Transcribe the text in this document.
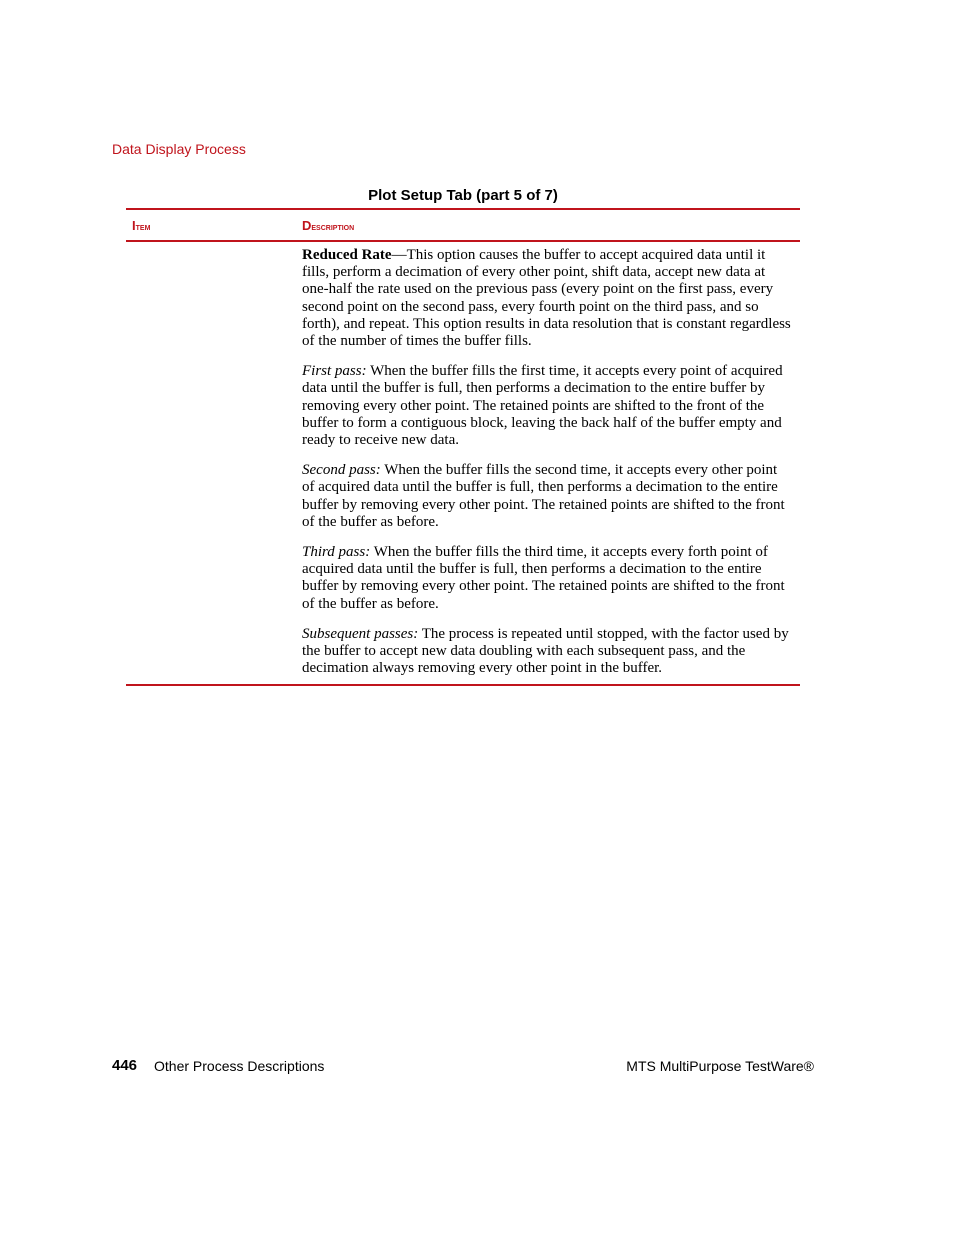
Data Display Process
Plot Setup Tab (part 5 of 7)
Item	Description

Reduced Rate—This option causes the buffer to accept acquired data until it fills, perform a decimation of every other point, shift data, accept new data at one-half the rate used on the previous pass (every point on the first pass, every second point on the second pass, every fourth point on the third pass, and so forth), and repeat. This option results in data resolution that is constant regardless of the number of times the buffer fills.

First pass: When the buffer fills the first time, it accepts every point of acquired data until the buffer is full, then performs a decimation to the entire buffer by removing every other point. The retained points are shifted to the front of the buffer to form a contiguous block, leaving the back half of the buffer empty and ready to receive new data.

Second pass: When the buffer fills the second time, it accepts every other point of acquired data until the buffer is full, then performs a decimation to the entire buffer by removing every other point. The retained points are shifted to the front of the buffer as before.

Third pass: When the buffer fills the third time, it accepts every forth point of acquired data until the buffer is full, then performs a decimation to the entire buffer by removing every other point. The retained points are shifted to the front of the buffer as before.

Subsequent passes: The process is repeated until stopped, with the factor used by the buffer to accept new data doubling with each subsequent pass, and the decimation always removing every other point in the buffer.

446 Other Process Descriptions	MTS MultiPurpose TestWare®
